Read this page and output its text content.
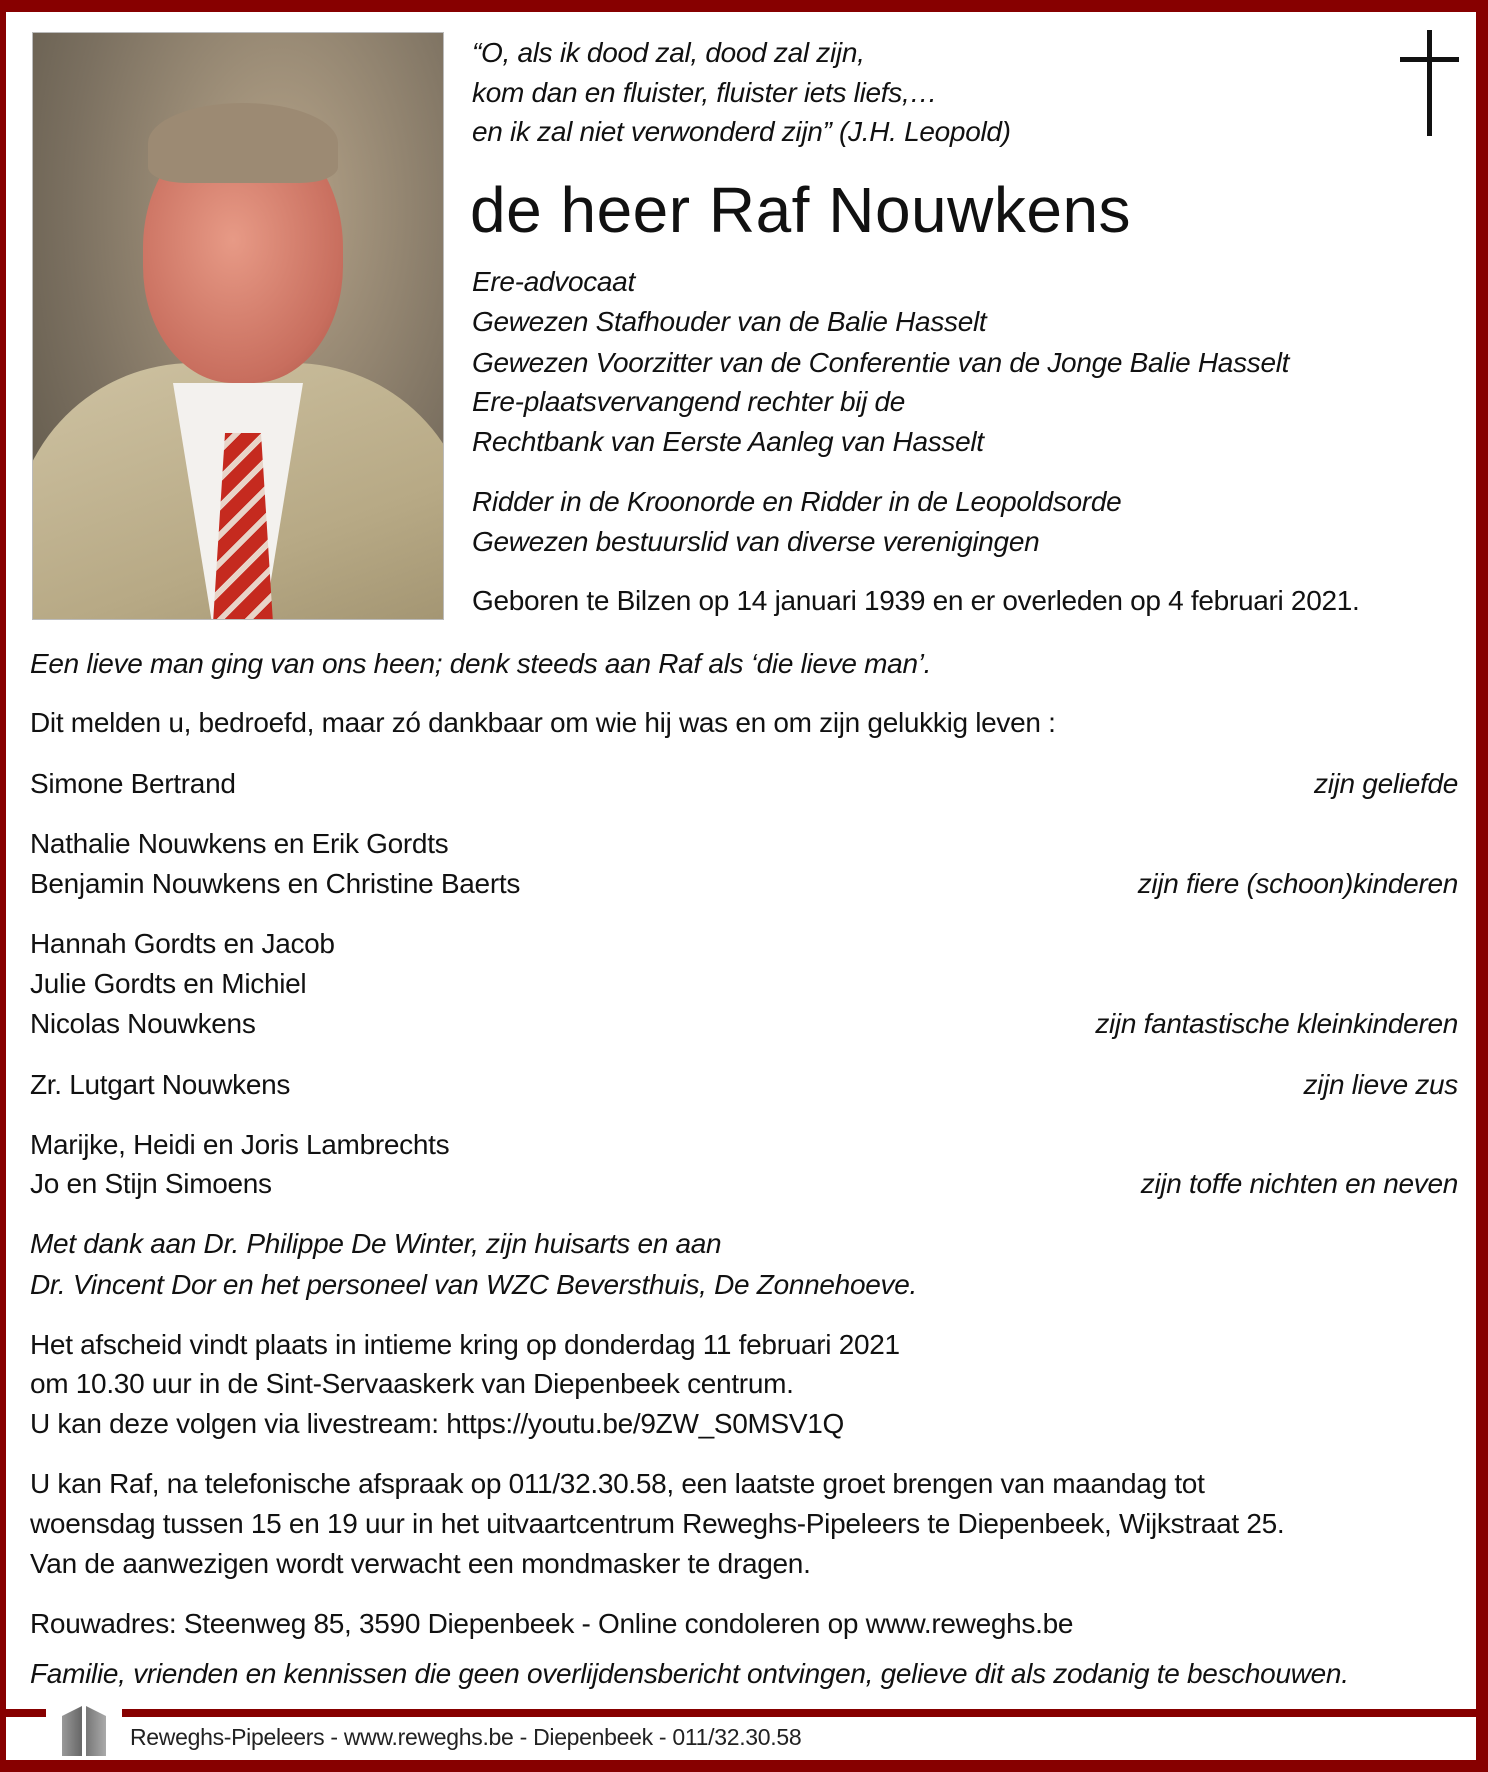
“O, als ik dood zal, dood zal zijn,
kom dan en fluister, fluister iets liefs,…
en ik zal niet verwonderd zijn” (J.H. Leopold)
de heer Raf Nouwkens
Ere-advocaat
Gewezen Stafhouder van de Balie Hasselt
Gewezen Voorzitter van de Conferentie van de Jonge Balie Hasselt
Ere-plaatsvervangend rechter bij de
Rechtbank van Eerste Aanleg van Hasselt
Ridder in de Kroonorde en Ridder in de Leopoldsorde
Gewezen bestuurslid van diverse verenigingen
Geboren te Bilzen op 14 januari 1939 en er overleden op 4 februari 2021.
Een lieve man ging van ons heen; denk steeds aan Raf als ‘die lieve man’.
Dit melden u, bedroefd, maar zó dankbaar om wie hij was en om zijn gelukkig leven :
Simone Bertrand	zijn geliefde
Nathalie Nouwkens en Erik Gordts
Benjamin Nouwkens en Christine Baerts	zijn fiere (schoon)kinderen
Hannah Gordts en Jacob
Julie Gordts en Michiel
Nicolas Nouwkens	zijn fantastische kleinkinderen
Zr. Lutgart Nouwkens	zijn lieve zus
Marijke, Heidi en Joris Lambrechts
Jo en Stijn Simoens	zijn toffe nichten en neven
Met dank aan Dr. Philippe De Winter, zijn huisarts en aan
Dr. Vincent Dor en het personeel van WZC Beversthuis, De Zonnehoeve.
Het afscheid vindt plaats in intieme kring op donderdag 11 februari 2021
om 10.30 uur in de Sint-Servaaskerk van Diepenbeek centrum.
U kan deze volgen via livestream: https://youtu.be/9ZW_S0MSV1Q
U kan Raf, na telefonische afspraak op 011/32.30.58, een laatste groet brengen van maandag tot
woensdag tussen 15 en 19 uur in het uitvaartcentrum Reweghs-Pipeleers te Diepenbeek, Wijkstraat 25.
Van de aanwezigen wordt verwacht een mondmasker te dragen.
Rouwadres: Steenweg 85, 3590 Diepenbeek - Online condoleren op www.reweghs.be
Familie, vrienden en kennissen die geen overlijdensbericht ontvingen, gelieve dit als zodanig te beschouwen.
Reweghs-Pipeleers - www.reweghs.be - Diepenbeek - 011/32.30.58
